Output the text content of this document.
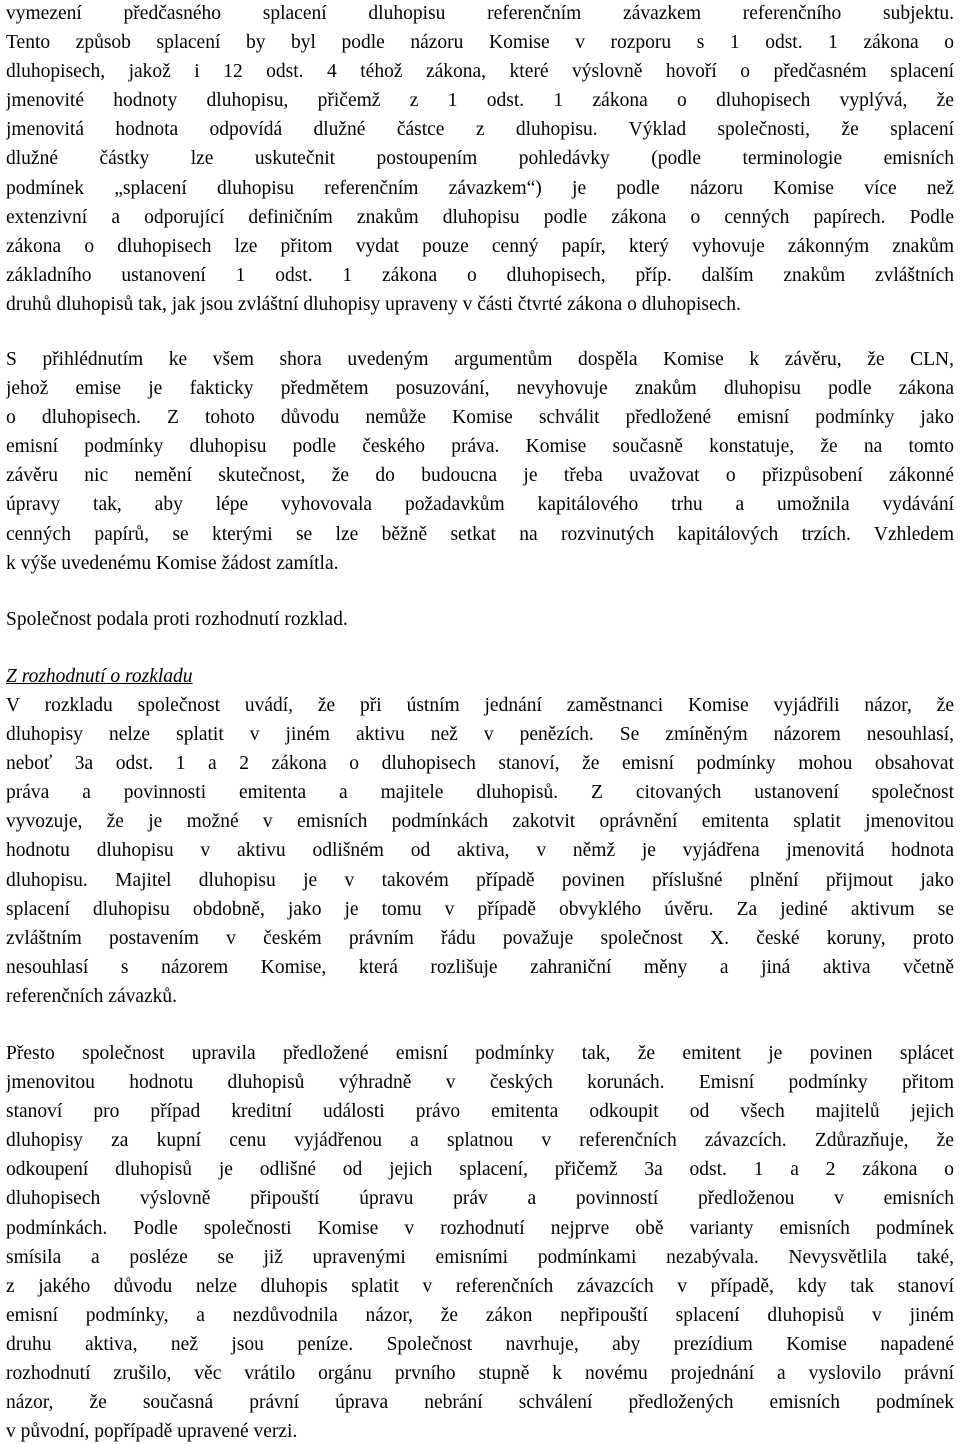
vymezení předčasného splacení dluhopisu referenčním závazkem referenčního subjektu.
Tento způsob splacení by byl podle názoru Komise v rozporu s 1 odst. 1 zákona o
dluhopisech, jakož i 12 odst. 4 téhož zákona, které výslovně hovoří o předčasném splacení
jmenovité hodnoty dluhopisu, přičemž z 1 odst. 1 zákona o dluhopisech vyplývá, že
jmenovitá hodnota odpovídá dlužné částce z dluhopisu. Výklad společnosti, že splacení
dlužné částky lze uskutečnit postoupením pohledávky (podle terminologie emisních
podmínek „splacení dluhopisu referenčním závazkem“) je podle názoru Komise více než
extenzivní a odporující definičním znakům dluhopisu podle zákona o cenných papírech. Podle
zákona o dluhopisech lze přitom vydat pouze cenný papír, který vyhovuje zákonným znakům
základního ustanovení 1 odst. 1 zákona o dluhopisech, příp. dalším znakům zvláštních
druhů dluhopisů tak, jak jsou zvláštní dluhopisy upraveny v části čtvrté zákona o dluhopisech.
S přihlédnutím ke všem shora uvedeným argumentům dospěla Komise k závěru, že CLN,
jehož emise je fakticky předmětem posuzování, nevyhovuje znakům dluhopisu podle zákona
o dluhopisech. Z tohoto důvodu nemůže Komise schválit předložené emisní podmínky jako
emisní podmínky dluhopisu podle českého práva. Komise současně konstatuje, že na tomto
závěru nic nemění skutečnost, že do budoucna je třeba uvažovat o přizpůsobení zákonné
úpravy tak, aby lépe vyhovovala požadavkům kapitálového trhu a umožnila vydávání
cenných papírů, se kterými se lze běžně setkat na rozvinutých kapitálových trzích. Vzhledem
k výše uvedenému Komise žádost zamítla.
Společnost podala proti rozhodnutí rozklad.
Z rozhodnutí o rozkladu
V rozkladu společnost uvádí, že při ústním jednání zaměstnanci Komise vyjádřili názor, že
dluhopisy nelze splatit v jiném aktivu než v penězích. Se zmíněným názorem nesouhlasí,
neboť 3a odst. 1 a 2 zákona o dluhopisech stanoví, že emisní podmínky mohou obsahovat
práva a povinnosti emitenta a majitele dluhopisů. Z citovaných ustanovení společnost
vyvozuje, že je možné v emisních podmínkách zakotvit oprávnění emitenta splatit jmenovitou
hodnotu dluhopisu v aktivu odlišném od aktiva, v němž je vyjádřena jmenovitá hodnota
dluhopisu. Majitel dluhopisu je v takovém případě povinen příslušné plnění přijmout jako
splacení dluhopisu obdobně, jako je tomu v případě obvyklého úvěru. Za jediné aktivum se
zvláštním postavením v českém právním řádu považuje společnost X. české koruny, proto
nesouhlasí s názorem Komise, která rozlišuje zahraniční měny a jiná aktiva včetně
referenčních závazků.
Přesto společnost upravila předložené emisní podmínky tak, že emitent je povinen splácet
jmenovitou hodnotu dluhopisů výhradně v českých korunách. Emisní podmínky přitom
stanoví pro případ kreditní události právo emitenta odkoupit od všech majitelů jejich
dluhopisy za kupní cenu vyjádřenou a splatnou v referenčních závazcích. Zdůrazňuje, že
odkoupení dluhopisů je odlišné od jejich splacení, přičemž 3a odst. 1 a 2 zákona o
dluhopisech výslovně připouští úpravu práv a povinností předloženou v emisních
podmínkách. Podle společnosti Komise v rozhodnutí nejprve obě varianty emisních podmínek
smísila a posléze se již upravenými emisními podmínkami nezabývala. Nevysvětlila také,
z jakého důvodu nelze dluhopis splatit v referenčních závazcích v případě, kdy tak stanoví
emisní podmínky, a nezdůvodnila názor, že zákon nepřipouští splacení dluhopisů v jiném
druhu aktiva, než jsou peníze. Společnost navrhuje, aby prezídium Komise napadené
rozhodnutí zrušilo, věc vrátilo orgánu prvního stupně k novému projednání a vyslovilo právní
názor, že současná právní úprava nebrání schválení předložených emisních podmínek
v původní, popřípadě upravené verzi.
